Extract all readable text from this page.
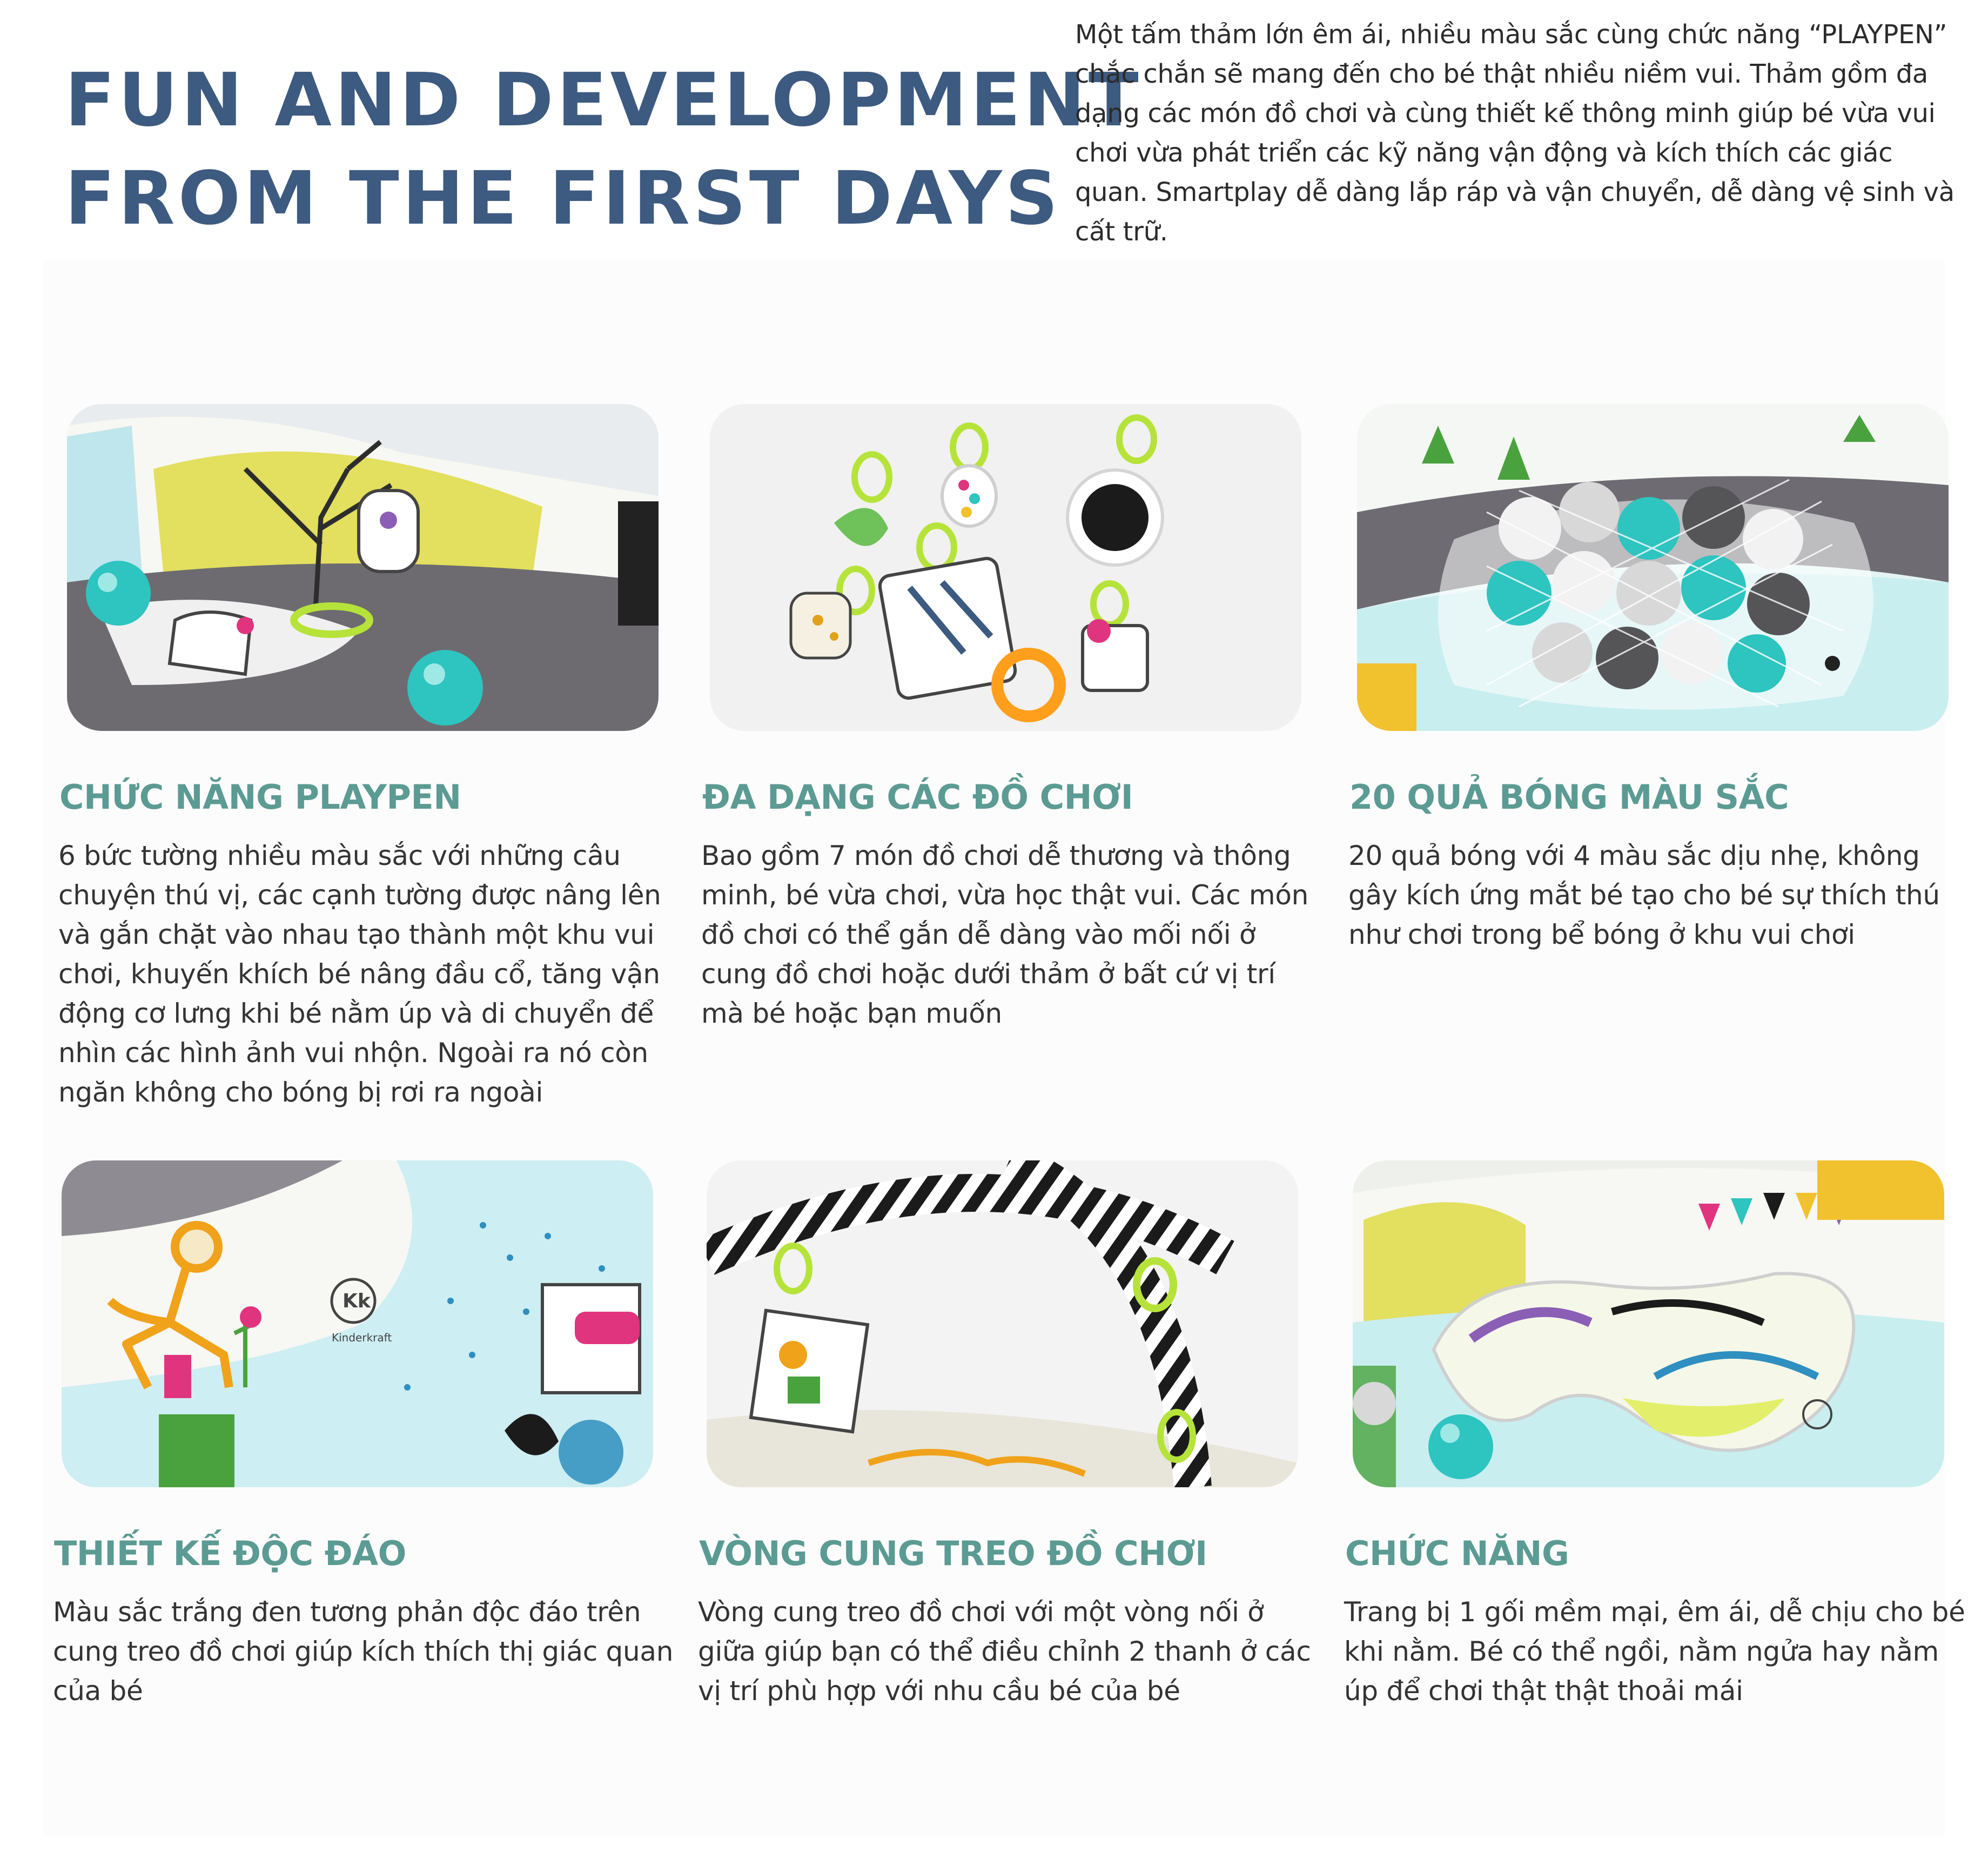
FUN AND DEVELOPMENT
FROM THE FIRST DAYS

Một tấm thảm lớn êm ái, nhiều màu sắc cùng chức năng “PLAYPEN” chắc chắn sẽ mang đến cho bé thật nhiều niềm vui. Thảm gồm đa dạng các món đồ chơi và cùng thiết kế thông minh giúp bé vừa vui chơi vừa phát triển các kỹ năng vận động và kích thích các giác quan. Smartplay dễ dàng lắp ráp và vận chuyển, dễ dàng vệ sinh và cất trữ.

CHỨC NĂNG PLAYPEN

6 bức tường nhiều màu sắc với những câu chuyện thú vị, các cạnh tường được nâng lên và gắn chặt vào nhau tạo thành một khu vui chơi, khuyến khích bé nâng đầu cổ, tăng vận động cơ lưng khi bé nằm úp và di chuyển để nhìn các hình ảnh vui nhộn. Ngoài ra nó còn ngăn không cho bóng bị rơi ra ngoài

ĐA DẠNG CÁC ĐỒ CHƠI

Bao gồm 7 món đồ chơi dễ thương và thông minh, bé vừa chơi, vừa học thật vui. Các món đồ chơi có thể gắn dễ dàng vào mối nối ở cung đồ chơi hoặc dưới thảm ở bất cứ vị trí mà bé hoặc bạn muốn

20 QUẢ BÓNG MÀU SẮC

20 quả bóng với 4 màu sắc dịu nhẹ, không gây kích ứng mắt bé tạo cho bé sự thích thú như chơi trong bể bóng ở khu vui chơi

Kk
Kinderkraft
THIẾT KẾ ĐỘC ĐÁO

Màu sắc trắng đen tương phản độc đáo trên cung treo đồ chơi giúp kích thích thị giác quan của bé

VÒNG CUNG TREO ĐỒ CHƠI

Vòng cung treo đồ chơi với một vòng nối ở giữa giúp bạn có thể điều chỉnh 2 thanh ở các vị trí phù hợp với nhu cầu bé của bé

CHỨC NĂNG

Trang bị 1 gối mềm mại, êm ái, dễ chịu cho bé khi nằm. Bé có thể ngồi, nằm ngửa hay nằm úp để chơi thật thật thoải mái
